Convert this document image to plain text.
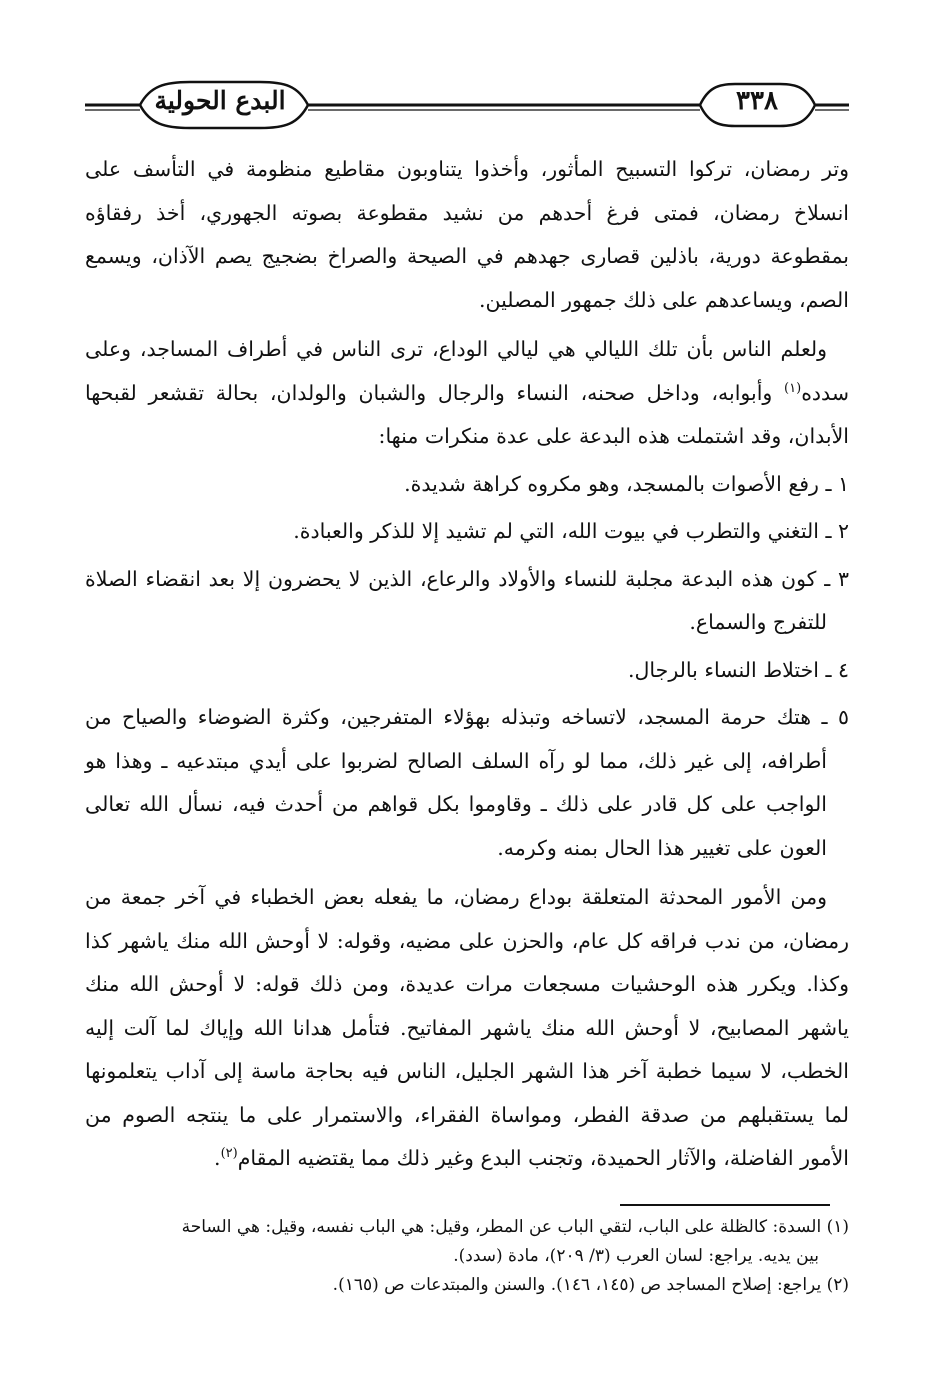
البدع الحولية	٣٣٨

وتر رمضان، تركوا التسبيح المأثور، وأخذوا يتناوبون مقاطيع منظومة في التأسف على انسلاخ رمضان، فمتى فرغ أحدهم من نشيد مقطوعة بصوته الجهوري، أخذ رفقاؤه بمقطوعة دورية، باذلين قصارى جهدهم في الصيحة والصراخ بضجيج يصم الآذان، ويسمع الصم، ويساعدهم على ذلك جمهور المصلين.

ولعلم الناس بأن تلك الليالي هي ليالي الوداع، ترى الناس في أطراف المساجد، وعلى سدده$^{(١)}$ وأبوابه، وداخل صحنه، النساء والرجال والشبان والولدان، بحالة تقشعر لقبحها الأبدان، وقد اشتملت هذه البدعة على عدة منكرات منها:

١ ـ رفع الأصوات بالمسجد، وهو مكروه كراهة شديدة.

٢ ـ التغني والتطرب في بيوت الله، التي لم تشيد إلا للذكر والعبادة.

٣ ـ كون هذه البدعة مجلبة للنساء والأولاد والرعاع، الذين لا يحضرون إلا بعد انقضاء الصلاة للتفرج والسماع.

٤ ـ اختلاط النساء بالرجال.

٥ ـ هتك حرمة المسجد، لاتساخه وتبذله بهؤلاء المتفرجين، وكثرة الضوضاء والصياح من أطرافه، إلى غير ذلك، مما لو رآه السلف الصالح لضربوا على أيدي مبتدعيه ـ وهذا هو الواجب على كل قادر على ذلك ـ وقاوموا بكل قواهم من أحدث فيه، نسأل الله تعالى العون على تغيير هذا الحال بمنه وكرمه.

ومن الأمور المحدثة المتعلقة بوداع رمضان، ما يفعله بعض الخطباء في آخر جمعة من رمضان، من ندب فراقه كل عام، والحزن على مضيه، وقوله: لا أوحش الله منك ياشهر كذا وكذا. ويكرر هذه الوحشيات مسجعات مرات عديدة، ومن ذلك قوله: لا أوحش الله منك ياشهر المصابيح، لا أوحش الله منك ياشهر المفاتيح. فتأمل هدانا الله وإياك لما آلت إليه الخطب، لا سيما خطبة آخر هذا الشهر الجليل، الناس فيه بحاجة ماسة إلى آداب يتعلمونها لما يستقبلهم من صدقة الفطر، ومواساة الفقراء، والاستمرار على ما ينتجه الصوم من الأمور الفاضلة، والآثار الحميدة، وتجنب البدع وغير ذلك مما يقتضيه المقام$^{(٢)}$.

(١) السدة: كالظلة على الباب، لتقي الباب عن المطر، وقيل: هي الباب نفسه، وقيل: هي الساحة
بين يديه. يراجع: لسان العرب (٣/ ٢٠٩)، مادة (سدد).

(٢) يراجع: إصلاح المساجد ص (١٤٥، ١٤٦). والسنن والمبتدعات ص (١٦٥).
